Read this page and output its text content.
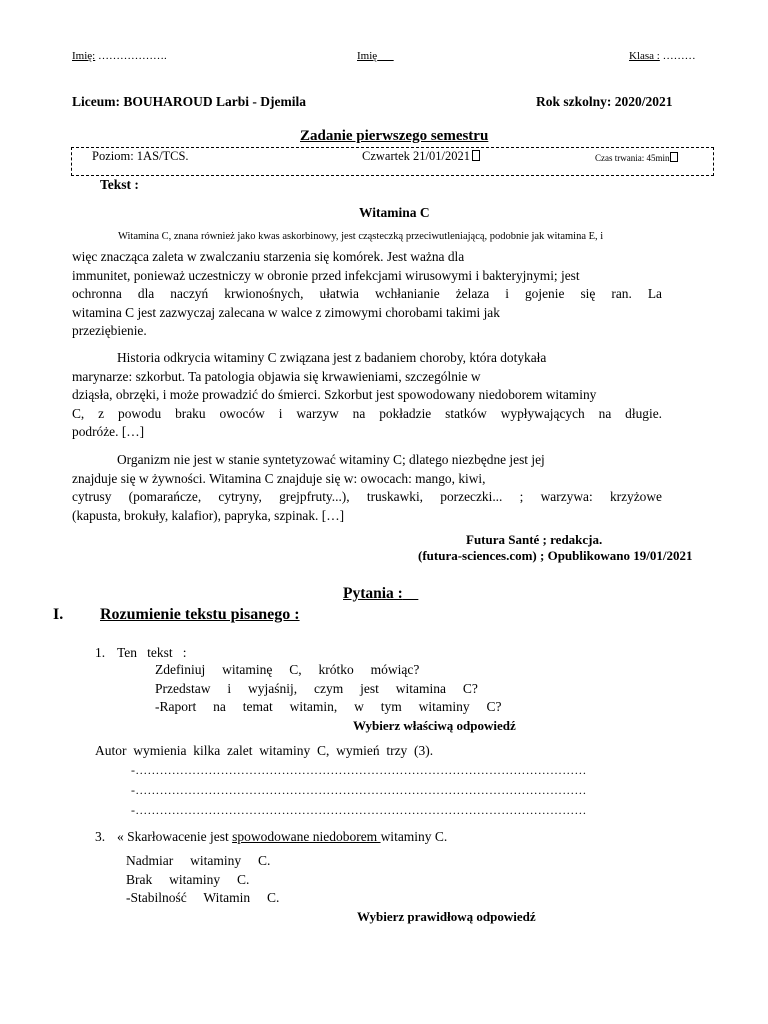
Imię: ……………….	Imię	Klasa : ………
Liceum: BOUHAROUD Larbi - Djemila	Rok szkolny: 2020/2021
Zadanie pierwszego semestru
Poziom: 1AS/TCS.	Czwartek 21/01/2021	Czas trwania: 45min
Tekst :
Witamina C
Witamina C, znana również jako kwas askorbinowy, jest cząsteczką przeciwutleniającą, podobnie jak witamina E, i
więc znacząca zaleta w zwalczaniu starzenia się komórek. Jest ważna dla
immunitet, ponieważ uczestniczy w obronie przed infekcjami wirusowymi i bakteryjnymi; jest
ochronna dla naczyń krwionośnych, ułatwia wchłanianie żelaza i gojenie się ran. La
witamina C jest zazwyczaj zalecana w walce z zimowymi chorobami takimi jak
przeziębienie.
Historia odkrycia witaminy C związana jest z badaniem choroby, która dotykała
marynarze: szkorbut. Ta patologia objawia się krwawieniami, szczególnie w
dziąsła, obrzęki, i może prowadzić do śmierci. Szkorbut jest spowodowany niedoborem witaminy
C, z powodu braku owoców i warzyw na pokładzie statków wypływających na długie.
podróże. […]
Organizm nie jest w stanie syntetyzować witaminy C; dlatego niezbędne jest jej
znajduje się w żywności. Witamina C znajduje się w: owocach: mango, kiwi,
cytrusy (pomarańcze, cytryny, grejpfruty...), truskawki, porzeczki... ; warzywa: krzyżowe
(kapusta, brokuły, kalafior), papryka, szpinak. […]
Futura Santé ; redakcja.
(futura-sciences.com) ; Opublikowano 19/01/2021
Pytania :
I. Rozumienie tekstu pisanego :
1. Ten   tekst   :
Zdefiniuj     witaminę     C,     krótko     mówiąc?
Przedstaw     i     wyjaśnij,     czym     jest     witamina     C?
-Raport     na     temat     witamin,     w     tym     witaminy     C?
Wybierz właściwą odpowiedź
Autor  wymienia  kilka  zalet  witaminy  C,  wymień  trzy  (3).
-…………………………………………………………………………………………………
-…………………………………………………………………………………………………
-…………………………………………………………………………………………………
3. « Skarłowacenie jest spowodowane niedoborem witaminy C.
Nadmiar     witaminy     C.
Brak     witaminy     C.
-Stabilność     Witamin     C.
Wybierz prawidłową odpowiedź
